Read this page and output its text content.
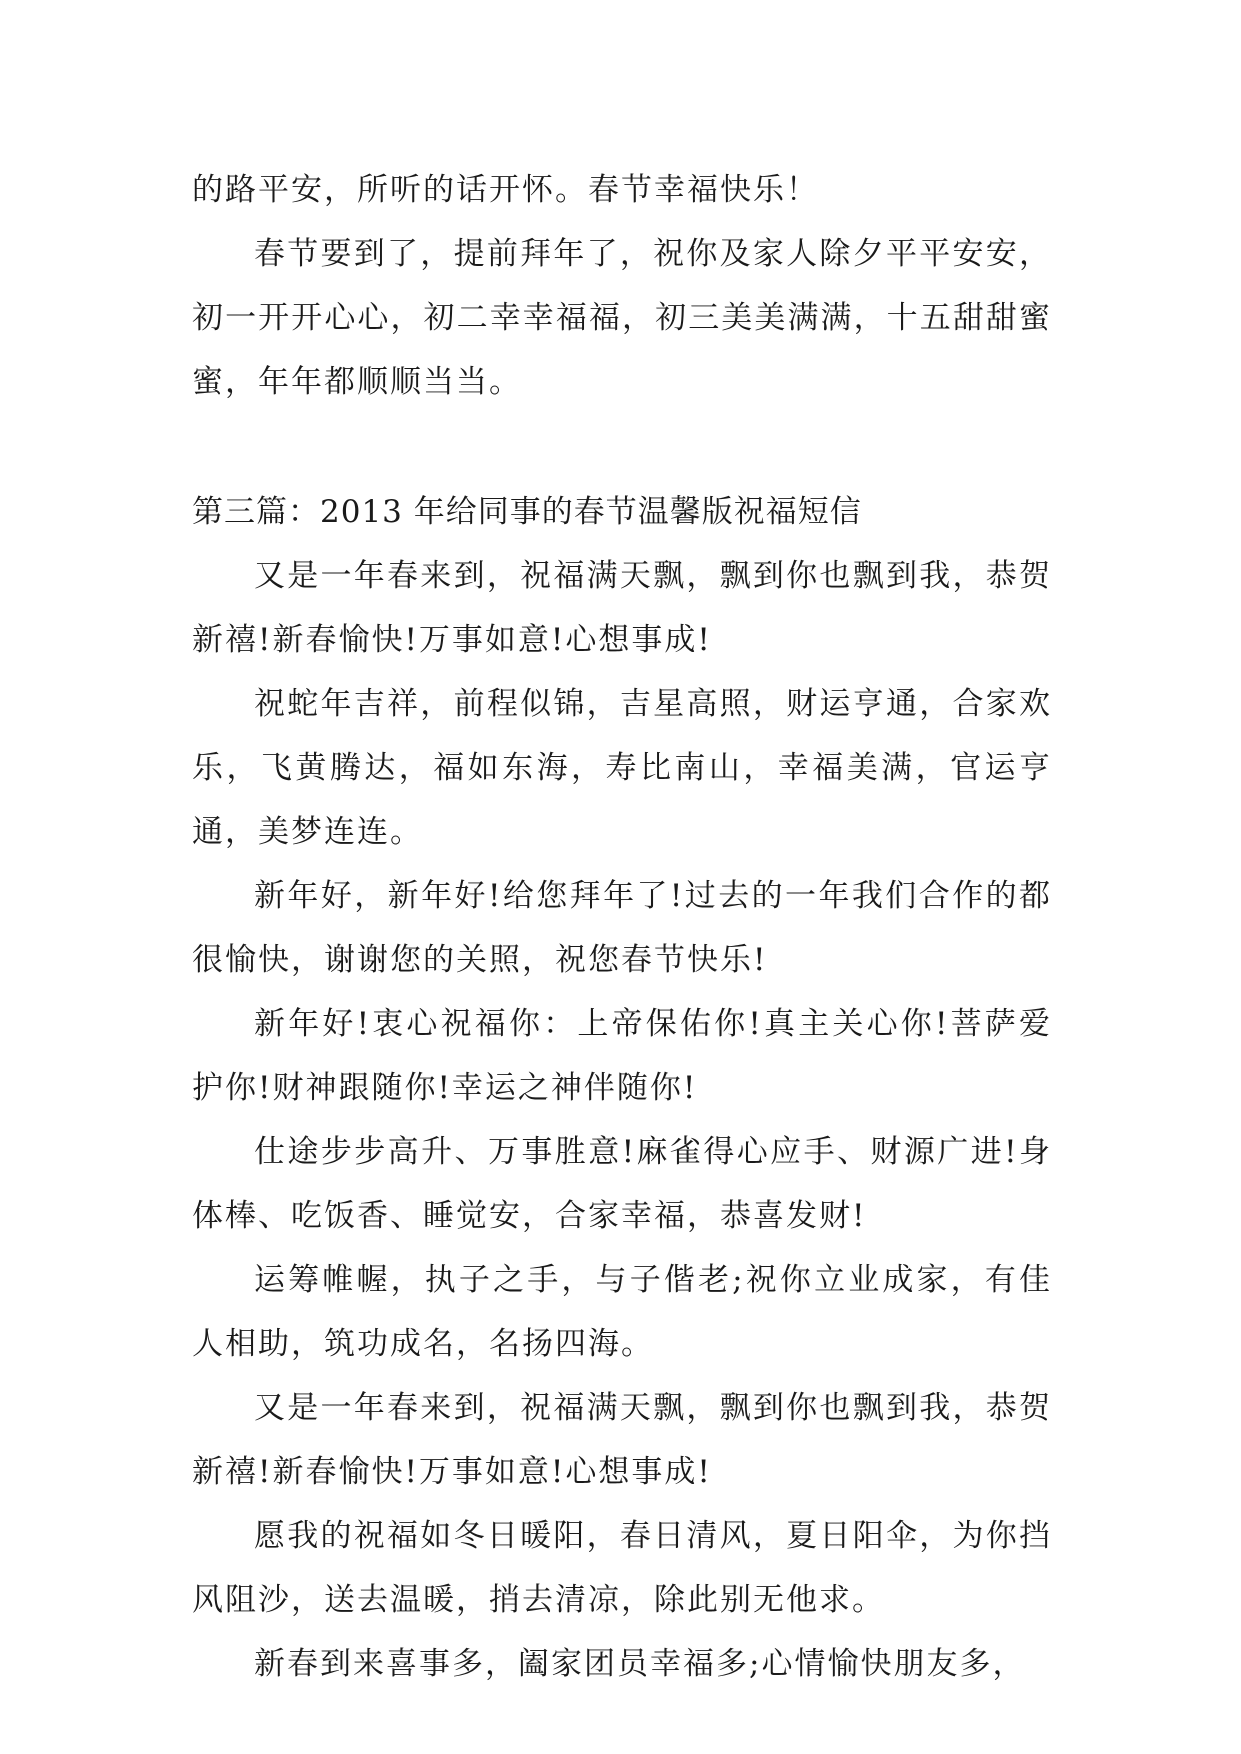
的路平安，所听的话开怀。春节幸福快乐！

春节要到了，提前拜年了，祝你及家人除夕平平安安，初一开开心心，初二幸幸福福，初三美美满满，十五甜甜蜜蜜，年年都顺顺当当。

第三篇：2013 年给同事的春节温馨版祝福短信

又是一年春来到，祝福满天飘，飘到你也飘到我，恭贺新禧!新春愉快!万事如意!心想事成!

祝蛇年吉祥，前程似锦，吉星高照，财运亨通，合家欢乐，飞黄腾达，福如东海，寿比南山，幸福美满，官运亨通，美梦连连。

新年好，新年好!给您拜年了!过去的一年我们合作的都很愉快，谢谢您的关照，祝您春节快乐!

新年好!衷心祝福你：上帝保佑你!真主关心你!菩萨爱护你!财神跟随你!幸运之神伴随你!

仕途步步高升、万事胜意!麻雀得心应手、财源广进!身体棒、吃饭香、睡觉安，合家幸福，恭喜发财!

运筹帷幄，执子之手，与子偕老;祝你立业成家，有佳人相助，筑功成名，名扬四海。

又是一年春来到，祝福满天飘，飘到你也飘到我，恭贺新禧!新春愉快!万事如意!心想事成!

愿我的祝福如冬日暖阳，春日清风，夏日阳伞，为你挡风阻沙，送去温暖，捎去清凉，除此别无他求。

新春到来喜事多，阖家团员幸福多;心情愉快朋友多，
